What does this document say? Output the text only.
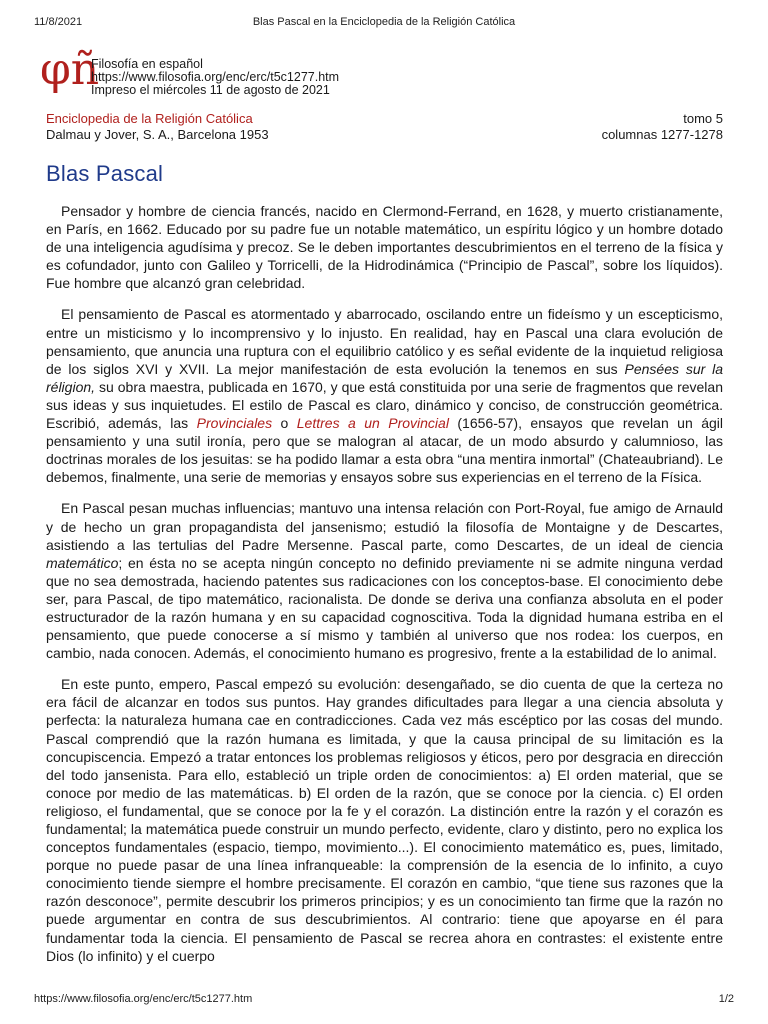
11/8/2021	Blas Pascal en la Enciclopedia de la Religión Católica
φñ
Filosofía en español
https://www.filosofia.org/enc/erc/t5c1277.htm
Impreso el miércoles 11 de agosto de 2021
Enciclopedia de la Religión Católica
Dalmau y Jover, S. A., Barcelona 1953
tomo 5
columnas 1277-1278
Blas Pascal

Pensador y hombre de ciencia francés, nacido en Clermond-Ferrand, en 1628, y muerto cristianamente, en París, en 1662. Educado por su padre fue un notable matemático, un espíritu lógico y un hombre dotado de una inteligencia agudísima y precoz. Se le deben importantes descubrimientos en el terreno de la física y es cofundador, junto con Galileo y Torricelli, de la Hidrodinámica (“Principio de Pascal”, sobre los líquidos). Fue hombre que alcanzó gran celebridad.

El pensamiento de Pascal es atormentado y abarrocado, oscilando entre un fideísmo y un escepticismo, entre un misticismo y lo incomprensivo y lo injusto. En realidad, hay en Pascal una clara evolución de pensamiento, que anuncia una ruptura con el equilibrio católico y es señal evidente de la inquietud religiosa de los siglos XVI y XVII. La mejor manifestación de esta evolución la tenemos en sus Pensées sur la réligion, su obra maestra, publicada en 1670, y que está constituida por una serie de fragmentos que revelan sus ideas y sus inquietudes. El estilo de Pascal es claro, dinámico y conciso, de construcción geométrica. Escribió, además, las Provinciales o Lettres a un Provincial (1656-57), ensayos que revelan un ágil pensamiento y una sutil ironía, pero que se malogran al atacar, de un modo absurdo y calumnioso, las doctrinas morales de los jesuitas: se ha podido llamar a esta obra “una mentira inmortal” (Chateaubriand). Le debemos, finalmente, una serie de memorias y ensayos sobre sus experiencias en el terreno de la Física.

En Pascal pesan muchas influencias; mantuvo una intensa relación con Port-Royal, fue amigo de Arnauld y de hecho un gran propagandista del jansenismo; estudió la filosofía de Montaigne y de Descartes, asistiendo a las tertulias del Padre Mersenne. Pascal parte, como Descartes, de un ideal de ciencia matemático; en ésta no se acepta ningún concepto no definido previamente ni se admite ninguna verdad que no sea demostrada, haciendo patentes sus radicaciones con los conceptos-base. El conocimiento debe ser, para Pascal, de tipo matemático, racionalista. De donde se deriva una confianza absoluta en el poder estructurador de la razón humana y en su capacidad cognoscitiva. Toda la dignidad humana estriba en el pensamiento, que puede conocerse a sí mismo y también al universo que nos rodea: los cuerpos, en cambio, nada conocen. Además, el conocimiento humano es progresivo, frente a la estabilidad de lo animal.

En este punto, empero, Pascal empezó su evolución: desengañado, se dio cuenta de que la certeza no era fácil de alcanzar en todos sus puntos. Hay grandes dificultades para llegar a una ciencia absoluta y perfecta: la naturaleza humana cae en contradicciones. Cada vez más escéptico por las cosas del mundo. Pascal comprendió que la razón humana es limitada, y que la causa principal de su limitación es la concupiscencia. Empezó a tratar entonces los problemas religiosos y éticos, pero por desgracia en dirección del todo jansenista. Para ello, estableció un triple orden de conocimientos: a) El orden material, que se conoce por medio de las matemáticas. b) El orden de la razón, que se conoce por la ciencia. c) El orden religioso, el fundamental, que se conoce por la fe y el corazón. La distinción entre la razón y el corazón es fundamental; la matemática puede construir un mundo perfecto, evidente, claro y distinto, pero no explica los conceptos fundamentales (espacio, tiempo, movimiento...). El conocimiento matemático es, pues, limitado, porque no puede pasar de una línea infranqueable: la comprensión de la esencia de lo infinito, a cuyo conocimiento tiende siempre el hombre precisamente. El corazón en cambio, “que tiene sus razones que la razón desconoce”, permite descubrir los primeros principios; y es un conocimiento tan firme que la razón no puede argumentar en contra de sus descubrimientos. Al contrario: tiene que apoyarse en él para fundamentar toda la ciencia. El pensamiento de Pascal se recrea ahora en contrastes: el existente entre Dios (lo infinito) y el cuerpo

https://www.filosofia.org/enc/erc/t5c1277.htm	1/2
